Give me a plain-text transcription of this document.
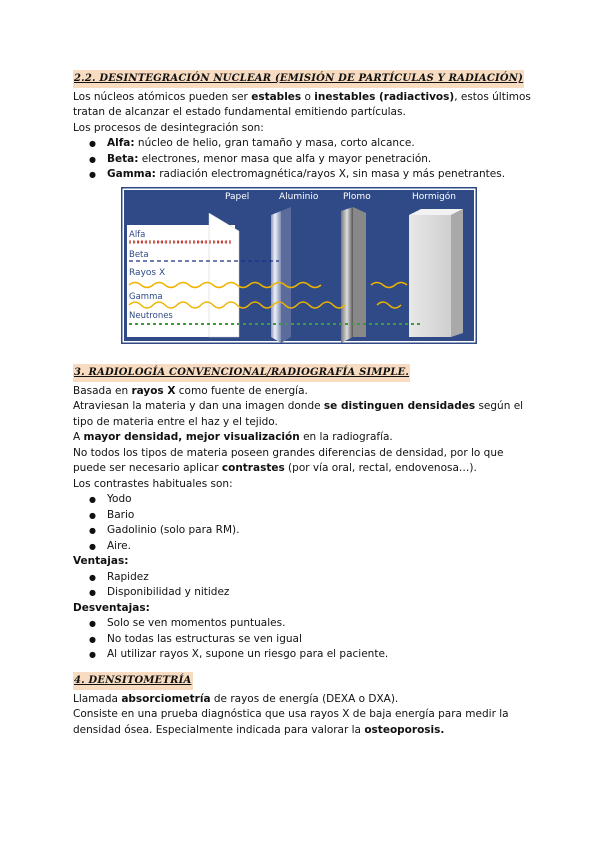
2.2. DESINTEGRACIÓN NUCLEAR (EMISIÓN DE PARTÍCULAS Y RADIACIÓN)

Los núcleos atómicos pueden ser estables o inestables (radiactivos), estos últimos tratan de alcanzar el estado fundamental emitiendo partículas.

Los procesos de desintegración son:

● Alfa: núcleo de helio, gran tamaño y masa, corto alcance.
● Beta: electrones, menor masa que alfa y mayor penetración.
● Gamma: radiación electromagnética/rayos X, sin masa y más penetrantes.
Papel	Aluminio	Plomo	Hormigón
Alfa
Beta
Rayos X
Gamma
Neutrones
3. RADIOLOGÍA CONVENCIONAL/RADIOGRAFÍA SIMPLE.

Basada en rayos X como fuente de energía.

Atraviesan la materia y dan una imagen donde se distinguen densidades según el tipo de materia entre el haz y el tejido.

A mayor densidad, mejor visualización en la radiografía.

No todos los tipos de materia poseen grandes diferencias de densidad, por lo que puede ser necesario aplicar contrastes (por vía oral, rectal, endovenosa…).

Los contrastes habituales son:

● Yodo
● Bario
● Gadolinio (solo para RM).
● Aire.

Ventajas:

● Rapidez
● Disponibilidad y nitidez

Desventajas:

● Solo se ven momentos puntuales.
● No todas las estructuras se ven igual
● Al utilizar rayos X, supone un riesgo para el paciente.
4. DENSITOMETRÍA

Llamada absorciometría de rayos de energía (DEXA o DXA).

Consiste en una prueba diagnóstica que usa rayos X de baja energía para medir la densidad ósea. Especialmente indicada para valorar la osteoporosis.
